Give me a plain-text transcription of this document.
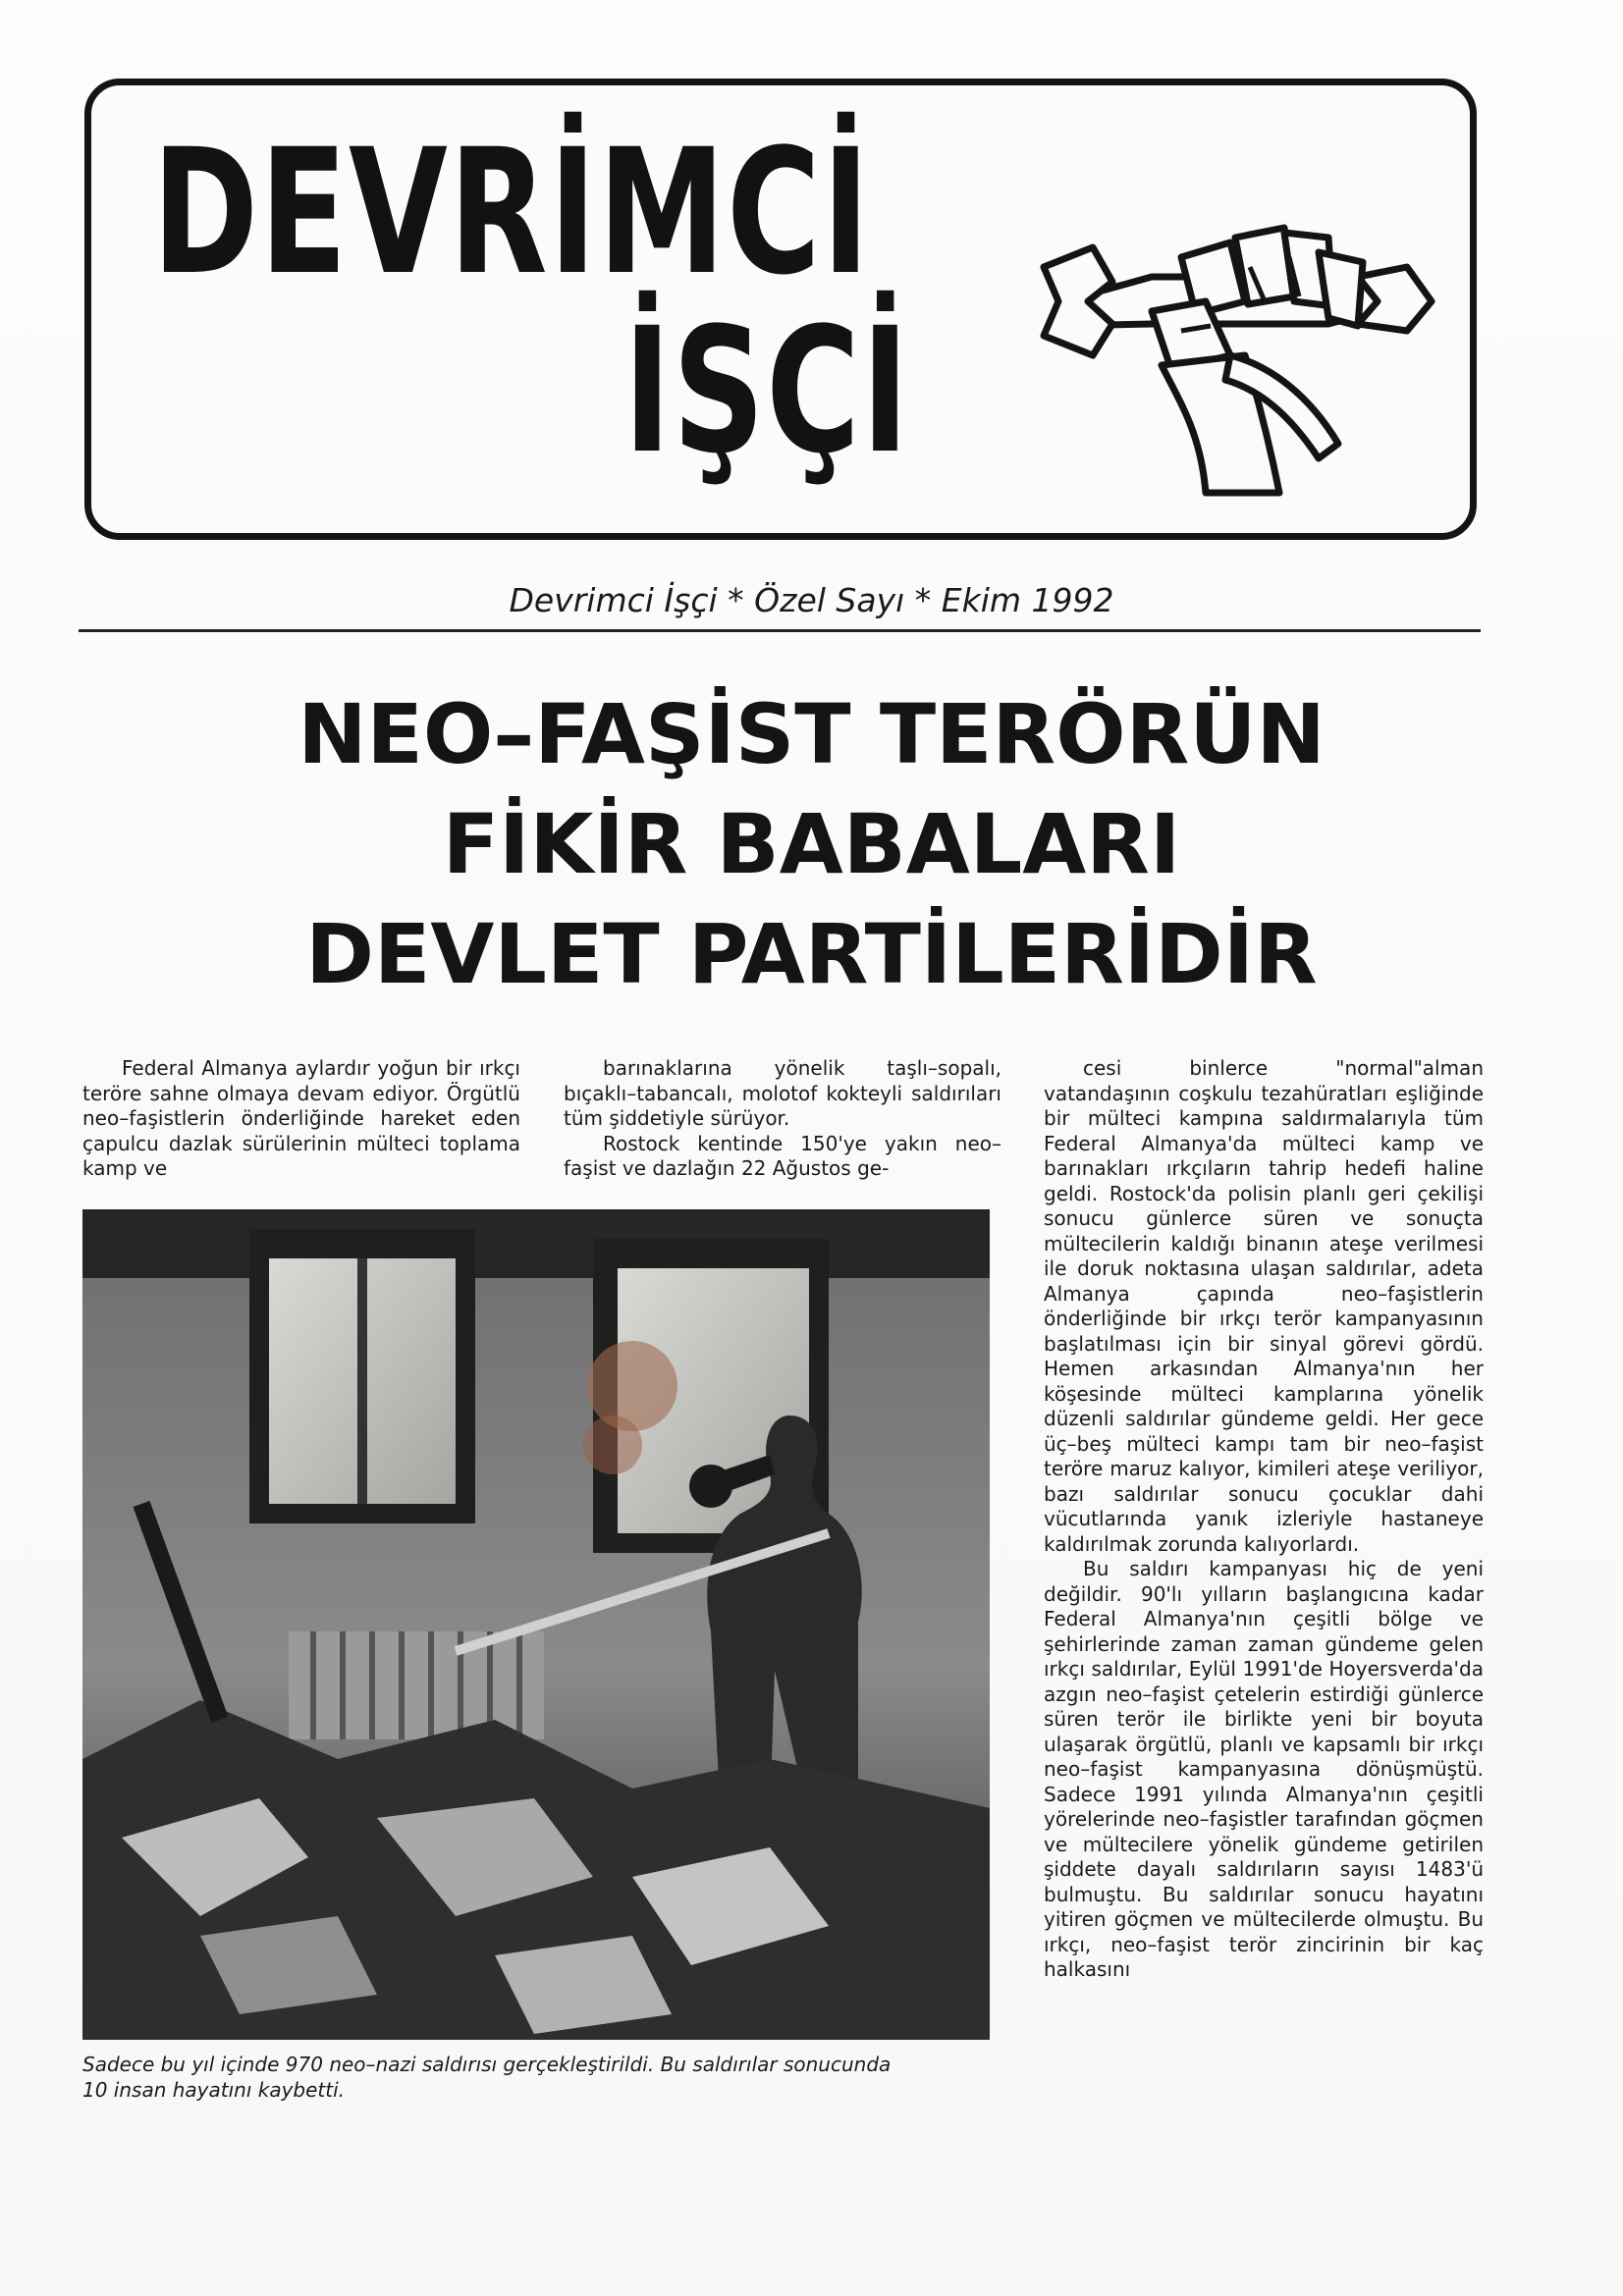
DEVRİMCİ
İŞÇİ
Devrimci İşçi * Özel Sayı * Ekim 1992
NEO–FAŞİST TERÖRÜN
FİKİR BABALARI
DEVLET PARTİLERİDİR

Federal Almanya aylardır yoğun bir ırkçı teröre sahne olmaya devam ediyor. Örgütlü neo–faşistlerin önderliğinde hareket eden çapulcu dazlak sürülerinin mülteci toplama kamp ve

barınaklarına yönelik taşlı–sopalı, bıçaklı–tabancalı, molotof kokteyli saldırıları tüm şiddetiyle sürüyor.

Rostock kentinde 150'ye yakın neo–faşist ve dazlağın 22 Ağustos ge-

cesi binlerce "normal"alman vatandaşının coşkulu tezahüratları eşliğinde bir mülteci kampına saldırmalarıyla tüm Federal Almanya'da mülteci kamp ve barınakları ırkçıların tahrip hedefi haline geldi. Rostock'da polisin planlı geri çekilişi sonucu günlerce süren ve sonuçta mültecilerin kaldığı binanın ateşe verilmesi ile doruk noktasına ulaşan saldırılar, adeta Almanya çapında neo–faşistlerin önderliğinde bir ırkçı terör kampanyasının başlatılması için bir sinyal görevi gördü. Hemen arkasından Almanya'nın her köşesinde mülteci kamplarına yönelik düzenli saldırılar gündeme geldi. Her gece üç–beş mülteci kampı tam bir neo–faşist teröre maruz kalıyor, kimileri ateşe veriliyor, bazı saldırılar sonucu çocuklar dahi vücutlarında yanık izleriyle hastaneye kaldırılmak zorunda kalıyorlardı.

Bu saldırı kampanyası hiç de yeni değildir. 90'lı yılların başlangıcına kadar Federal Almanya'nın çeşitli bölge ve şehirlerinde zaman zaman gündeme gelen ırkçı saldırılar, Eylül 1991'de Hoyersverda'da azgın neo–faşist çetelerin estirdiği günlerce süren terör ile birlikte yeni bir boyuta ulaşarak örgütlü, planlı ve kapsamlı bir ırkçı neo–faşist kampanyasına dönüşmüştü. Sadece 1991 yılında Almanya'nın çeşitli yörelerinde neo–faşistler tarafından göçmen ve mültecilere yönelik gündeme getirilen şiddete dayalı saldırıların sayısı 1483'ü bulmuştu. Bu saldırılar sonucu hayatını yitiren göçmen ve mültecilerde olmuştu. Bu ırkçı, neo–faşist terör zincirinin bir kaç halkasını

Sadece bu yıl içinde 970 neo–nazi saldırısı gerçekleştirildi. Bu saldırılar sonucunda
10 insan hayatını kaybetti.
